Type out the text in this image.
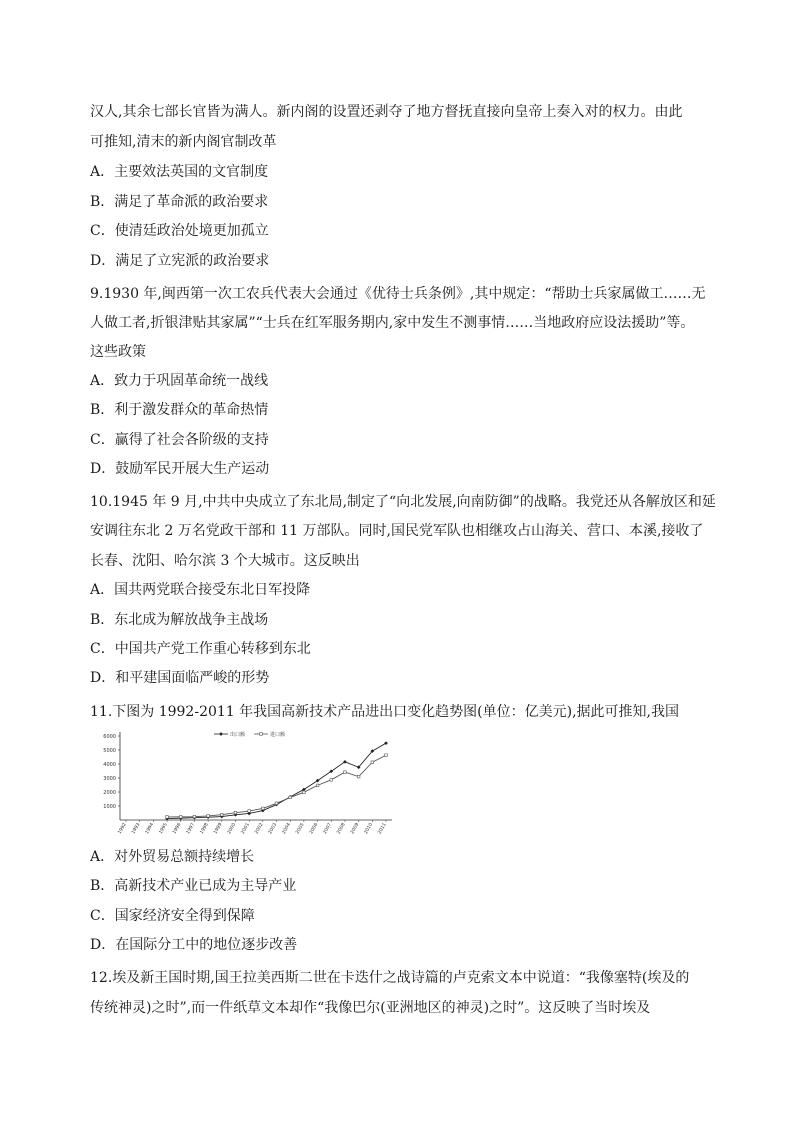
汉人,其余七部长官皆为满人。新内阁的设置还剥夺了地方督抚直接向皇帝上奏入对的权力。由此
可推知,清末的新内阁官制改革
A．主要效法英国的文官制度
B．满足了革命派的政治要求
C．使清廷政治处境更加孤立
D．满足了立宪派的政治要求
9.1930 年,闽西第一次工农兵代表大会通过《优待士兵条例》,其中规定：“帮助士兵家属做工……无
人做工者,折银津贴其家属”“士兵在红军服务期内,家中发生不测事情……当地政府应设法援助”等。
这些政策
A．致力于巩固革命统一战线
B．利于激发群众的革命热情
C．赢得了社会各阶级的支持
D．鼓励军民开展大生产运动
10.1945 年 9 月,中共中央成立了东北局,制定了“向北发展,向南防御”的战略。我党还从各解放区和延
安调往东北 2 万名党政干部和 11 万部队。同时,国民党军队也相继攻占山海关、营口、本溪,接收了
长春、沈阳、哈尔滨 3 个大城市。这反映出
A．国共两党联合接受东北日军投降
B．东北成为解放战争主战场
C．中国共产党工作重心转移到东北
D．和平建国面临严峻的形势
11.下图为 1992-2011 年我国高新技术产品进出口变化趋势图(单位：亿美元),据此可推知,我国
6000
5000
4000
3000
2000
1000
1992 1993 1994 1995 1996 1997 1998 1999 2000 2001 2002 2003 2004 2005 2006 2007 2008 2009 2010 2011
出口额	进口额
A．对外贸易总额持续增长
B．高新技术产业已成为主导产业
C．国家经济安全得到保障
D．在国际分工中的地位逐步改善
12.埃及新王国时期,国王拉美西斯二世在卡迭什之战诗篇的卢克索文本中说道：“我像塞特(埃及的
传统神灵)之时”,而一件纸草文本却作“我像巴尔(亚洲地区的神灵)之时”。这反映了当时埃及
